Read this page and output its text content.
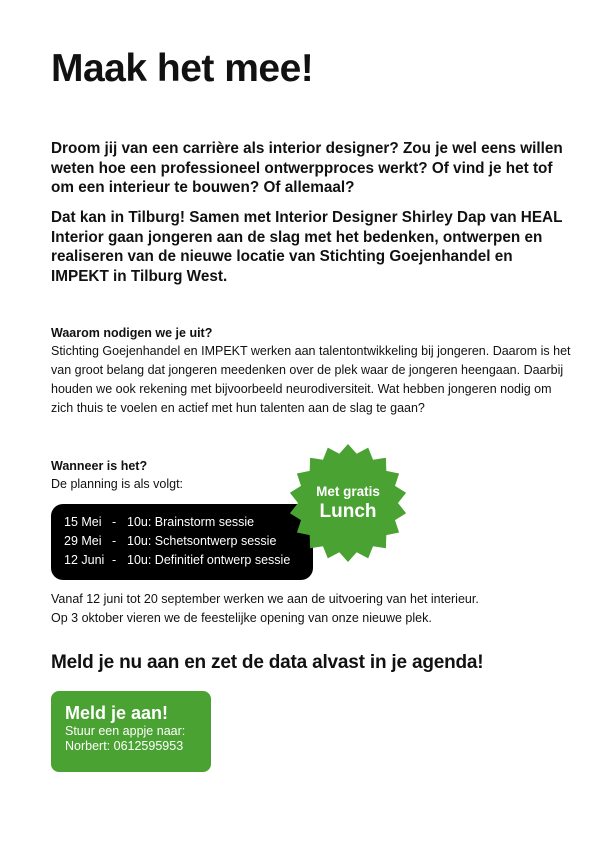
Maak het mee!

Droom jij van een carrière als interior designer? Zou je wel eens willen weten hoe een professioneel ontwerpproces werkt? Of vind je het tof om een interieur te bouwen? Of allemaal?

Dat kan in Tilburg! Samen met Interior Designer Shirley Dap van HEAL Interior gaan jongeren aan de slag met het bedenken, ontwerpen en realiseren van de nieuwe locatie van Stichting Goejenhandel en IMPEKT in Tilburg West.

Waarom nodigen we je uit?

Stichting Goejenhandel en IMPEKT werken aan talentontwikkeling bij jongeren. Daarom is het van groot belang dat jongeren meedenken over de plek waar de jongeren heengaan. Daarbij houden we ook rekening met bijvoorbeeld neurodiversiteit. Wat hebben jongeren nodig om zich thuis te voelen en actief met hun talenten aan de slag te gaan?

Wanneer is het?

De planning is als volgt:

15 Mei - 10u: Brainstorm sessie
29 Mei - 10u: Schetsontwerp sessie
12 Juni - 10u: Definitief ontwerp sessie
Met gratis
Lunch

Vanaf 12 juni tot 20 september werken we aan de uitvoering van het interieur.
Op 3 oktober vieren we de feestelijke opening van onze nieuwe plek.

Meld je nu aan en zet de data alvast in je agenda!
Meld je aan!
Stuur een appje naar:
Norbert: 0612595953
